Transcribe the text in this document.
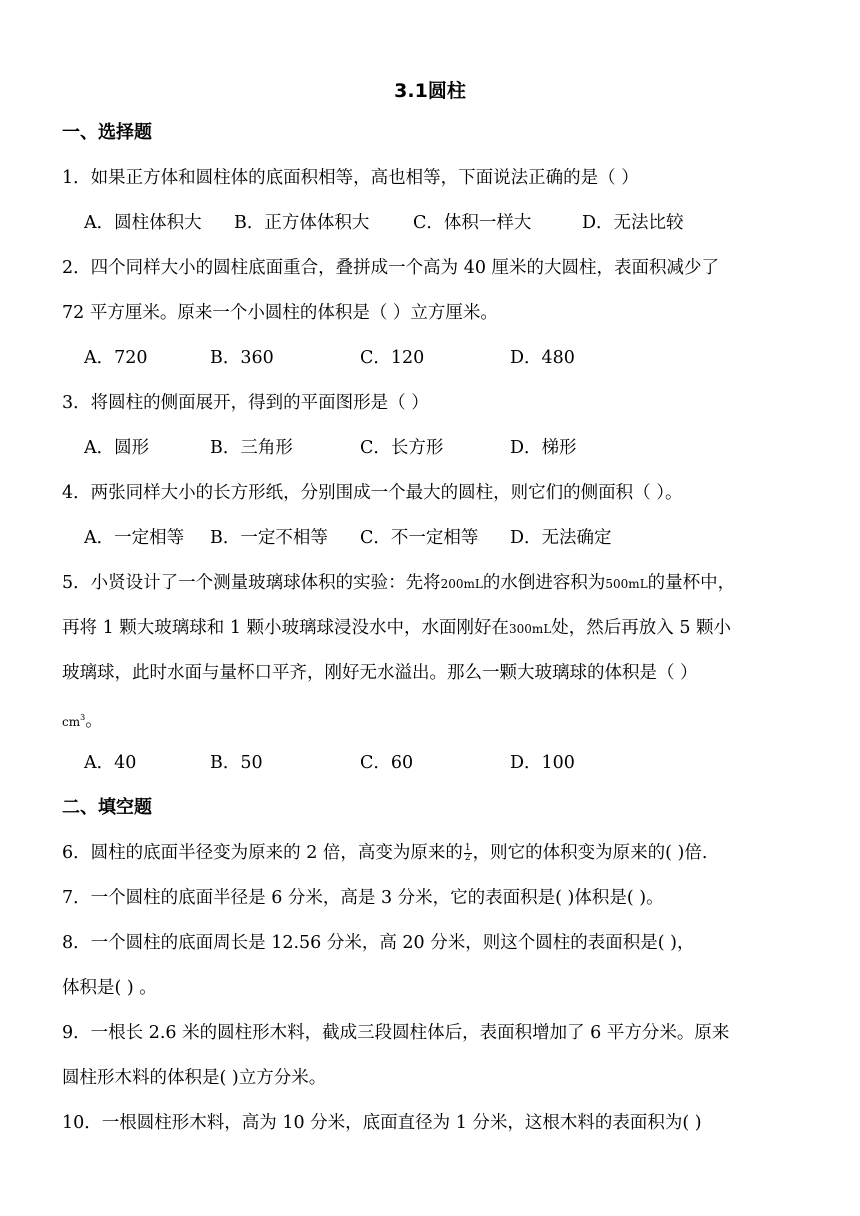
3.1圆柱
一、选择题
1．如果正方体和圆柱体的底面积相等，高也相等，下面说法正确的是（ ）
A．圆柱体积大 B．正方体体积大 C．体积一样大	D．无法比较
2．四个同样大小的圆柱底面重合，叠拼成一个高为 40 厘米的大圆柱，表面积减少了
72 平方厘米。原来一个小圆柱的体积是（ ）立方厘米。
A．720	B．360	C．120	D．480
3．将圆柱的侧面展开，得到的平面图形是（ ）
A．圆形	B．三角形	C．长方形	D．梯形
4．两张同样大小的长方形纸，分别围成一个最大的圆柱，则它们的侧面积（ ）。
A．一定相等 B．一定不相等 C．不一定相等 D．无法确定
5．小贤设计了一个测量玻璃球体积的实验：先将200mL的水倒进容积为500mL的量杯中，
再将 1 颗大玻璃球和 1 颗小玻璃球浸没水中，水面刚好在300mL处，然后再放入 5 颗小
玻璃球，此时水面与量杯口平齐，刚好无水溢出。那么一颗大玻璃球的体积是（ ）
$cm^3$。
A．40	B．50	C．60	D．100
二、填空题
6．圆柱的底面半径变为原来的 2 倍，高变为原来的 $\frac{1}{2}$ ，则它的体积变为原来的( )倍.
7．一个圆柱的底面半径是 6 分米，高是 3 分米，它的表面积是( )体积是( )。
8．一个圆柱的底面周长是 12.56 分米，高 20 分米，则这个圆柱的表面积是( )，
体积是( ) 。
9．一根长 2.6 米的圆柱形木料，截成三段圆柱体后，表面积增加了 6 平方分米。原来
圆柱形木料的体积是( )立方分米。
10．一根圆柱形木料，高为 10 分米，底面直径为 1 分米，这根木料的表面积为( )
